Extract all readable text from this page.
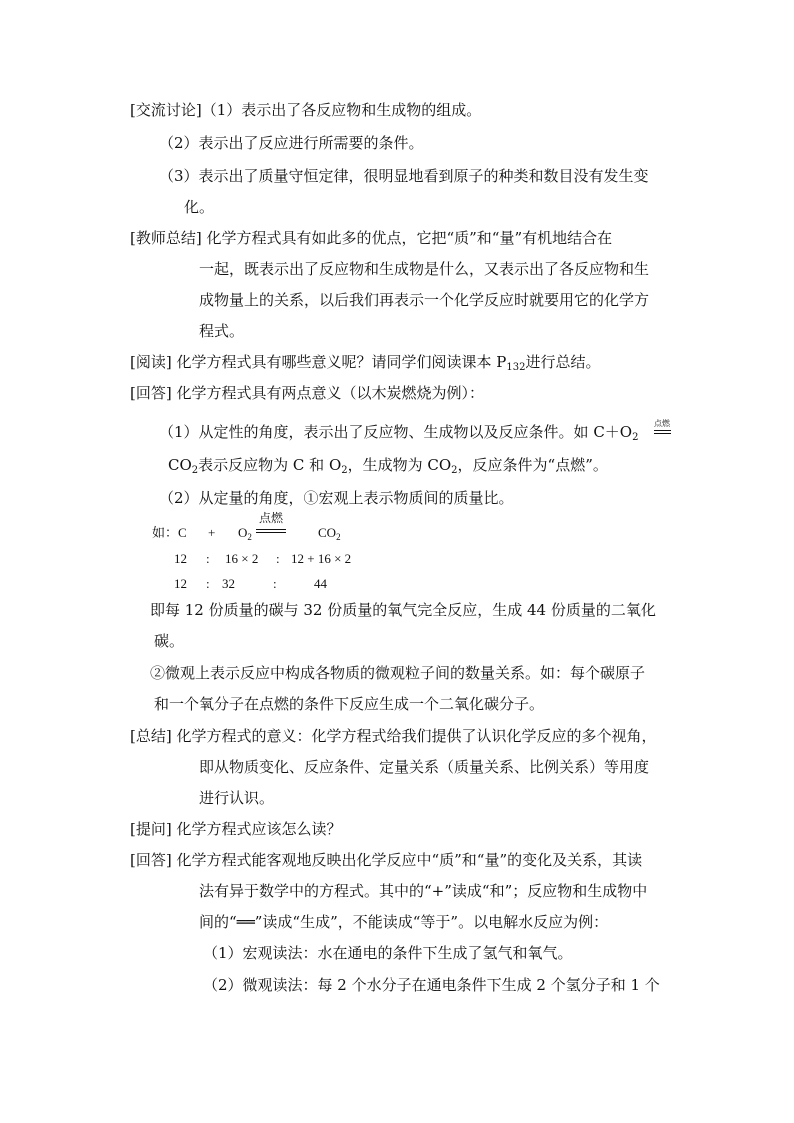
[交流讨论]（1）表示出了各反应物和生成物的组成。
（2）表示出了反应进行所需要的条件。
（3）表示出了质量守恒定律，很明显地看到原子的种类和数目没有发生变
化。
[教师总结] 化学方程式具有如此多的优点，它把“质”和“量”有机地结合在
一起，既表示出了反应物和生成物是什么，又表示出了各反应物和生
成物量上的关系，以后我们再表示一个化学反应时就要用它的化学方
程式。
[阅读] 化学方程式具有哪些意义呢？请同学们阅读课本 $P_{132}$进行总结。
[回答] 化学方程式具有两点意义（以木炭燃烧为例）：
（1）从定性的角度，表示出了反应物、生成物以及反应条件。如 $C+O_2$
点燃
$CO_2$表示反应物为 C 和 $O_2$，生成物为 $CO_2$，反应条件为“点燃”。
（2）从定量的角度，①宏观上表示物质间的质量比。
如：$C + O_2$
点燃
$CO_2$
12 : 16 × 2 : 12 + 16 × 2
12 : 32	:	44
即每 12 份质量的碳与 32 份质量的氧气完全反应，生成 44 份质量的二氧化
碳。
②微观上表示反应中构成各物质的微观粒子间的数量关系。如：每个碳原子
和一个氧分子在点燃的条件下反应生成一个二氧化碳分子。
[总结] 化学方程式的意义：化学方程式给我们提供了认识化学反应的多个视角，
即从物质变化、反应条件、定量关系（质量关系、比例关系）等用度
进行认识。
[提问] 化学方程式应该怎么读？
[回答] 化学方程式能客观地反映出化学反应中“质”和“量”的变化及关系，其读
法有异于数学中的方程式。其中的“+”读成“和”；反应物和生成物中
间的“══”读成“生成”，不能读成“等于”。以电解水反应为例：
（1）宏观读法：水在通电的条件下生成了氢气和氧气。
（2）微观读法：每 2 个水分子在通电条件下生成 2 个氢分子和 1 个
